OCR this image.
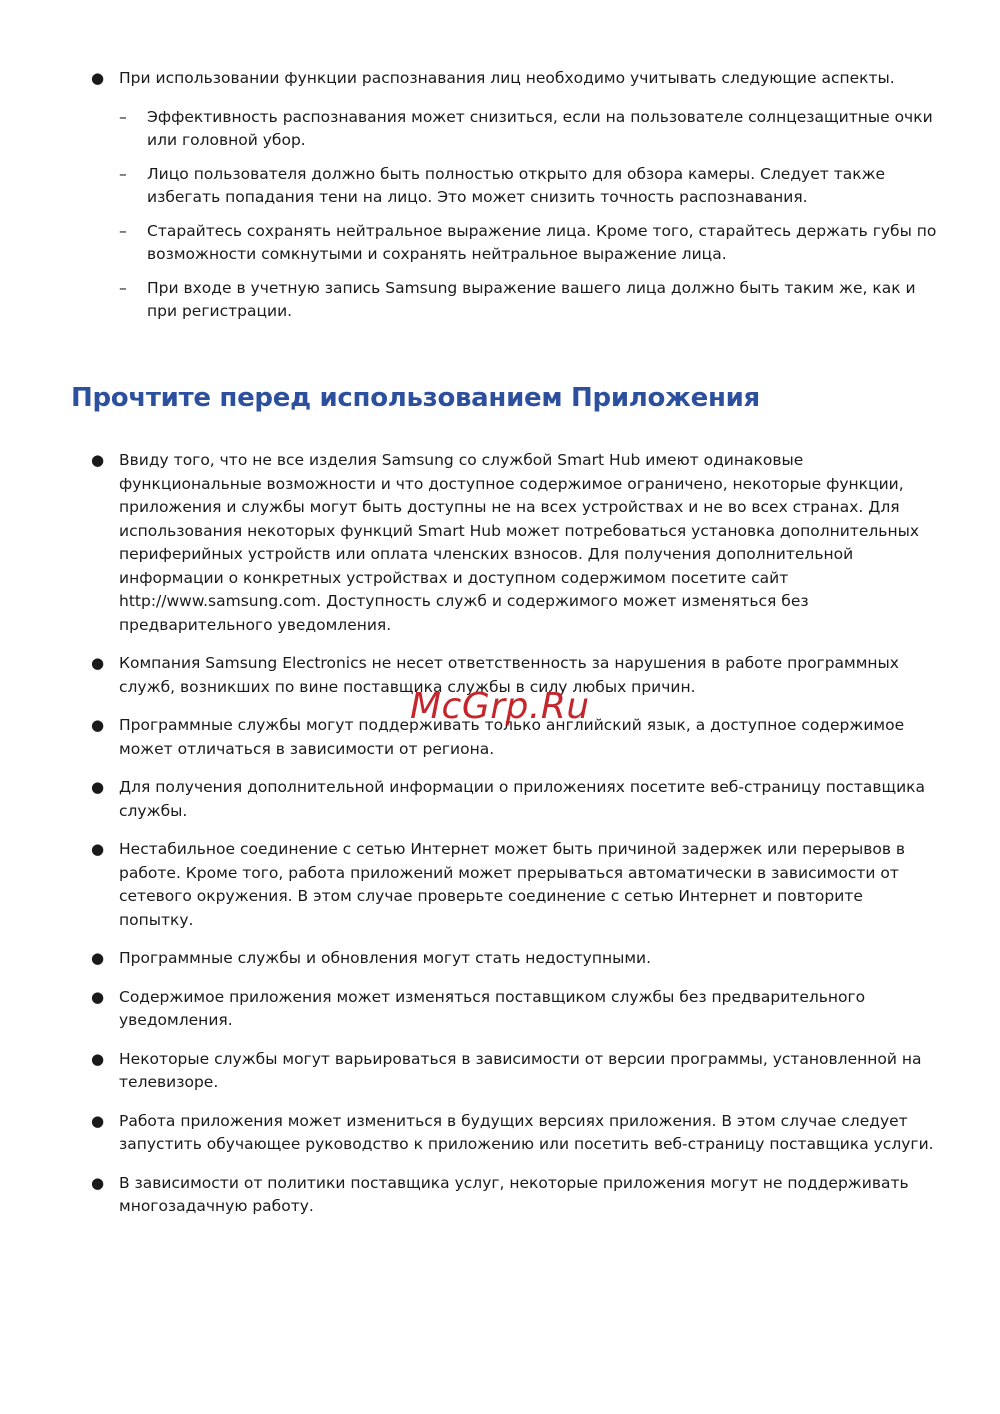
● При использовании функции распознавания лиц необходимо учитывать следующие аспекты.
– Эффективность распознавания может снизиться, если на пользователе солнцезащитные очки или головной убор.
– Лицо пользователя должно быть полностью открыто для обзора камеры. Следует также избегать попадания тени на лицо. Это может снизить точность распознавания.
– Старайтесь сохранять нейтральное выражение лица. Кроме того, старайтесь держать губы по возможности сомкнутыми и сохранять нейтральное выражение лица.
– При входе в учетную запись Samsung выражение вашего лица должно быть таким же, как и при регистрации.
Прочтите перед использованием Приложения
● Ввиду того, что не все изделия Samsung со службой Smart Hub имеют одинаковые функциональные возможности и что доступное содержимое ограничено, некоторые функции, приложения и службы могут быть доступны не на всех устройствах и не во всех странах. Для использования некоторых функций Smart Hub может потребоваться установка дополнительных периферийных устройств или оплата членских взносов. Для получения дополнительной информации о конкретных устройствах и доступном содержимом посетите сайт http://www.samsung.com. Доступность служб и содержимого может изменяться без предварительного уведомления.
● Компания Samsung Electronics не несет ответственность за нарушения в работе программных служб, возникших по вине поставщика службы в силу любых причин.
● Программные службы могут поддерживать только английский язык, а доступное содержимое может отличаться в зависимости от региона.
● Для получения дополнительной информации о приложениях посетите веб-страницу поставщика службы.
● Нестабильное соединение с сетью Интернет может быть причиной задержек или перерывов в работе. Кроме того, работа приложений может прерываться автоматически в зависимости от сетевого окружения. В этом случае проверьте соединение с сетью Интернет и повторите попытку.
● Программные службы и обновления могут стать недоступными.
● Содержимое приложения может изменяться поставщиком службы без предварительного уведомления.
● Некоторые службы могут варьироваться в зависимости от версии программы, установленной на телевизоре.
● Работа приложения может измениться в будущих версиях приложения. В этом случае следует запустить обучающее руководство к приложению или посетить веб-страницу поставщика услуги.
● В зависимости от политики поставщика услуг, некоторые приложения могут не поддерживать многозадачную работу.
McGrp.Ru
